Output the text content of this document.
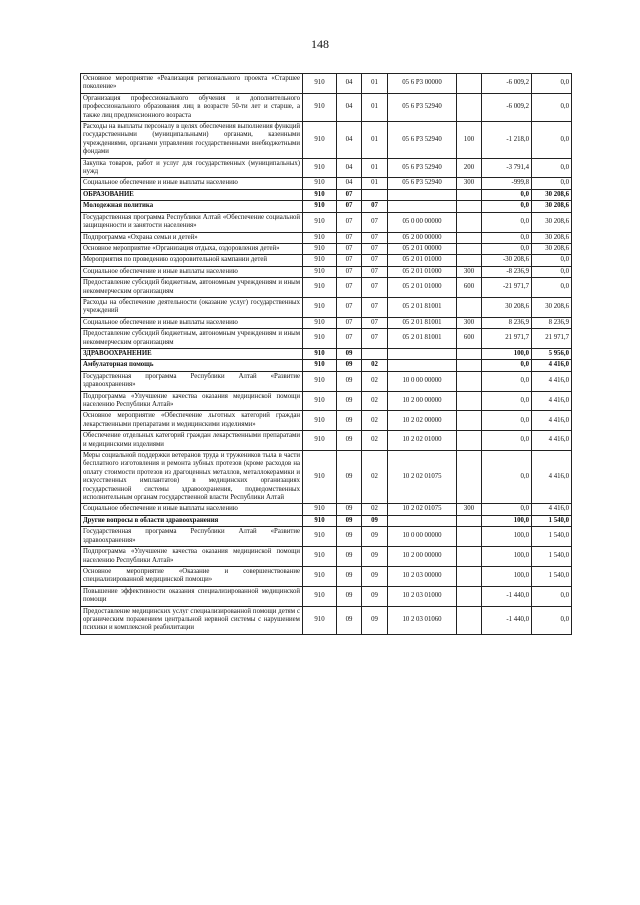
148
Основное мероприятие «Реализация регионального проекта «Старшее поколение»	910	04	01	05 6 P3 00000		-6 009,2	0,0
Организация профессионального обучения и дополнительного профессионального образования лиц в возрасте 50-ти лет и старше, а также лиц предпенсионного возраста	910	04	01	05 6 P3 52940		-6 009,2	0,0
Расходы на выплаты персоналу в целях обеспечения выполнения функций государственными (муниципальными) органами, казенными учреждениями, органами управления государственными внебюджетными фондами	910	04	01	05 6 P3 52940	100	-1 218,0	0,0
Закупка товаров, работ и услуг для государственных (муниципальных) нужд	910	04	01	05 6 P3 52940	200	-3 791,4	0,0
Социальное обеспечение и иные выплаты населению	910	04	01	05 6 P3 52940	300	-999,8	0,0
ОБРАЗОВАНИЕ	910	07				0,0	30 208,6
Молодежная политика	910	07	07			0,0	30 208,6
Государственная программа Республики Алтай «Обеспечение социальной защищенности и занятости населения»	910	07	07	05 0 00 00000		0,0	30 208,6
Подпрограмма «Охрана семьи и детей»	910	07	07	05 2 00 00000		0,0	30 208,6
Основное мероприятие «Организация отдыха, оздоровления детей»	910	07	07	05 2 01 00000		0,0	30 208,6
Мероприятия по проведению оздоровительной кампании детей	910	07	07	05 2 01 01000		-30 208,6	0,0
Социальное обеспечение и иные выплаты населению	910	07	07	05 2 01 01000	300	-8 236,9	0,0
Предоставление субсидий бюджетным, автономным учреждениям и иным некоммерческим организациям	910	07	07	05 2 01 01000	600	-21 971,7	0,0
Расходы на обеспечение деятельности (оказание услуг) государственных учреждений	910	07	07	05 2 01 81001		30 208,6	30 208,6
Социальное обеспечение и иные выплаты населению	910	07	07	05 2 01 81001	300	8 236,9	8 236,9
Предоставление субсидий бюджетным, автономным учреждениям и иным некоммерческим организациям	910	07	07	05 2 01 81001	600	21 971,7	21 971,7
ЗДРАВООХРАНЕНИЕ	910	09				100,0	5 956,0
Амбулаторная помощь	910	09	02			0,0	4 416,0
Государственная программа Республики Алтай «Развитие здравоохранения»	910	09	02	10 0 00 00000		0,0	4 416,0
Подпрограмма «Улучшение качества оказания медицинской помощи населению Республики Алтай»	910	09	02	10 2 00 00000		0,0	4 416,0
Основное мероприятие «Обеспечение льготных категорий граждан лекарственными препаратами и медицинскими изделиями»	910	09	02	10 2 02 00000		0,0	4 416,0
Обеспечение отдельных категорий граждан лекарственными препаратами и медицинскими изделиями	910	09	02	10 2 02 01000		0,0	4 416,0
Меры социальной поддержки ветеранов труда и тружеников тыла в части бесплатного изготовления и ремонта зубных протезов (кроме расходов на оплату стоимости протезов из драгоценных металлов, металлокерамики и искусственных имплантатов) в медицинских организациях государственной системы здравоохранения, подведомственных исполнительным органам государственной власти Республики Алтай	910	09	02	10 2 02 01075		0,0	4 416,0
Социальное обеспечение и иные выплаты населению	910	09	02	10 2 02 01075	300	0,0	4 416,0
Другие вопросы в области здравоохранения	910	09	09			100,0	1 540,0
Государственная программа Республики Алтай «Развитие здравоохранения»	910	09	09	10 0 00 00000		100,0	1 540,0
Подпрограмма «Улучшение качества оказания медицинской помощи населению Республики Алтай»	910	09	09	10 2 00 00000		100,0	1 540,0
Основное мероприятие «Оказание и совершенствование специализированной медицинской помощи»	910	09	09	10 2 03 00000		100,0	1 540,0
Повышение эффективности оказания специализированной медицинской помощи	910	09	09	10 2 03 01000		-1 440,0	0,0
Предоставление медицинских услуг специализированной помощи детям с органическим поражением центральной нервной системы с нарушением психики и комплексной реабилитации	910	09	09	10 2 03 01060		-1 440,0	0,0
